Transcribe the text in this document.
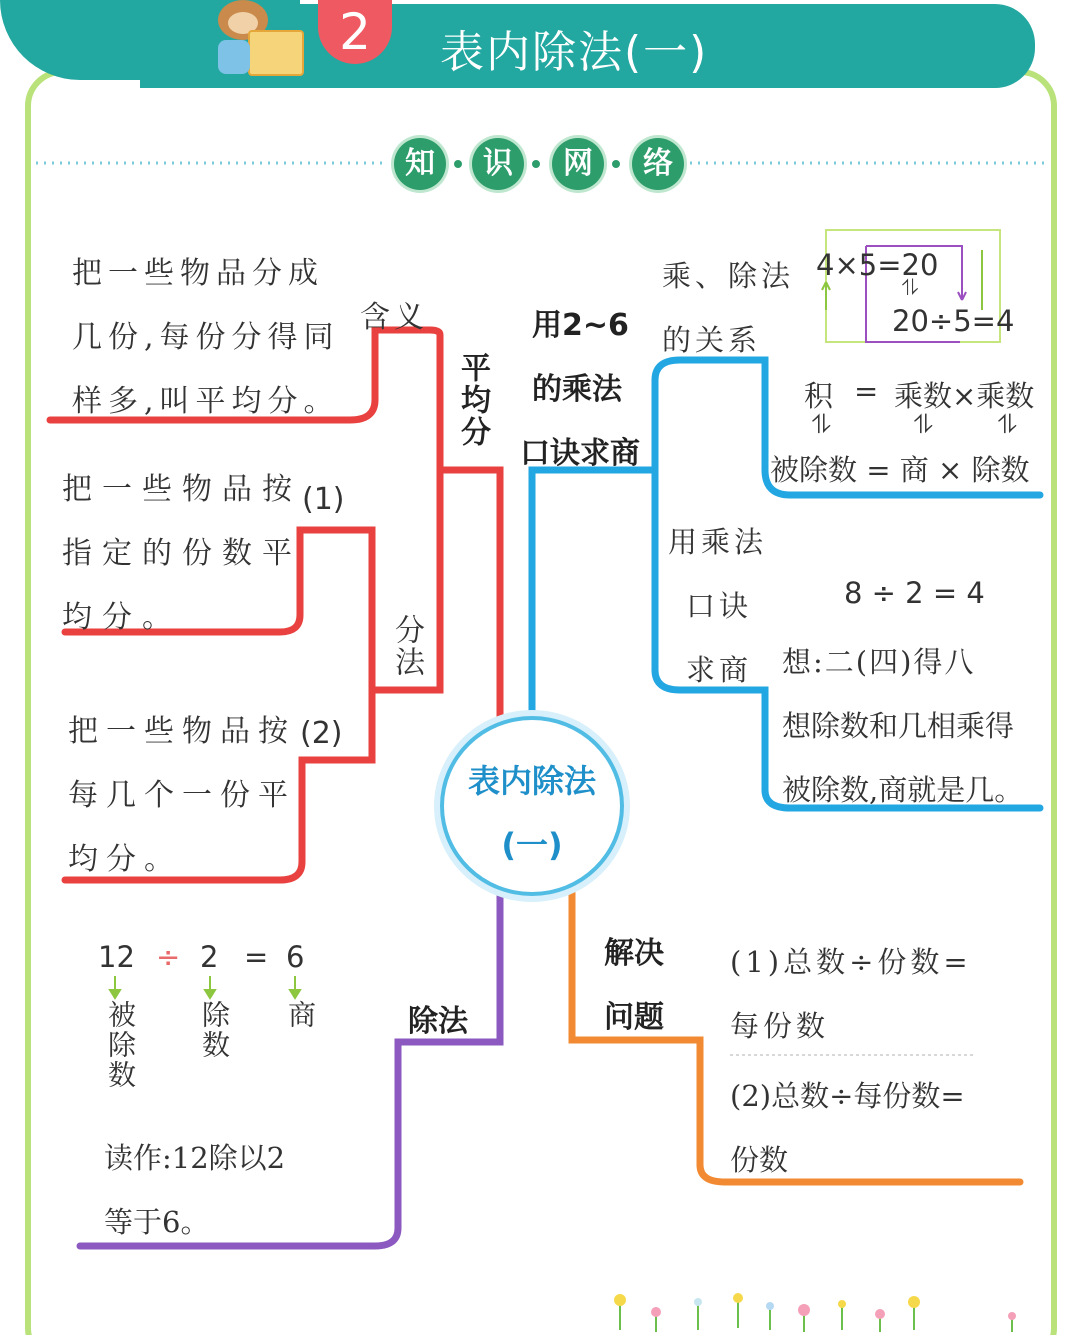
2	表内除法(一)
知	识	网	络
表内除法
(一)
平均分
含义
把一些物品分成
几份,每份分得同
样多,叫平均分。
分法
(1)
把一些物品按
指定的份数平
均分。
(2)
把一些物品按
每几个一份平
均分。
用2~6
的乘法
口诀求商
乘、除法
的关系
4×5=20
⥮
20÷5=4
积 = 乘数×乘数
⥮	⥮	⥮
被除数 = 商 × 除数
用乘法
口诀
求商
8 ÷ 2 = 4
想:二(四)得八
想除数和几相乘得
被除数,商就是几。
解决
问题
(1)总数÷份数=
每份数
(2)总数÷每份数=
份数
除法
12 ÷ 2 = 6
被除数 除数 商
读作:12除以2
等于6。
